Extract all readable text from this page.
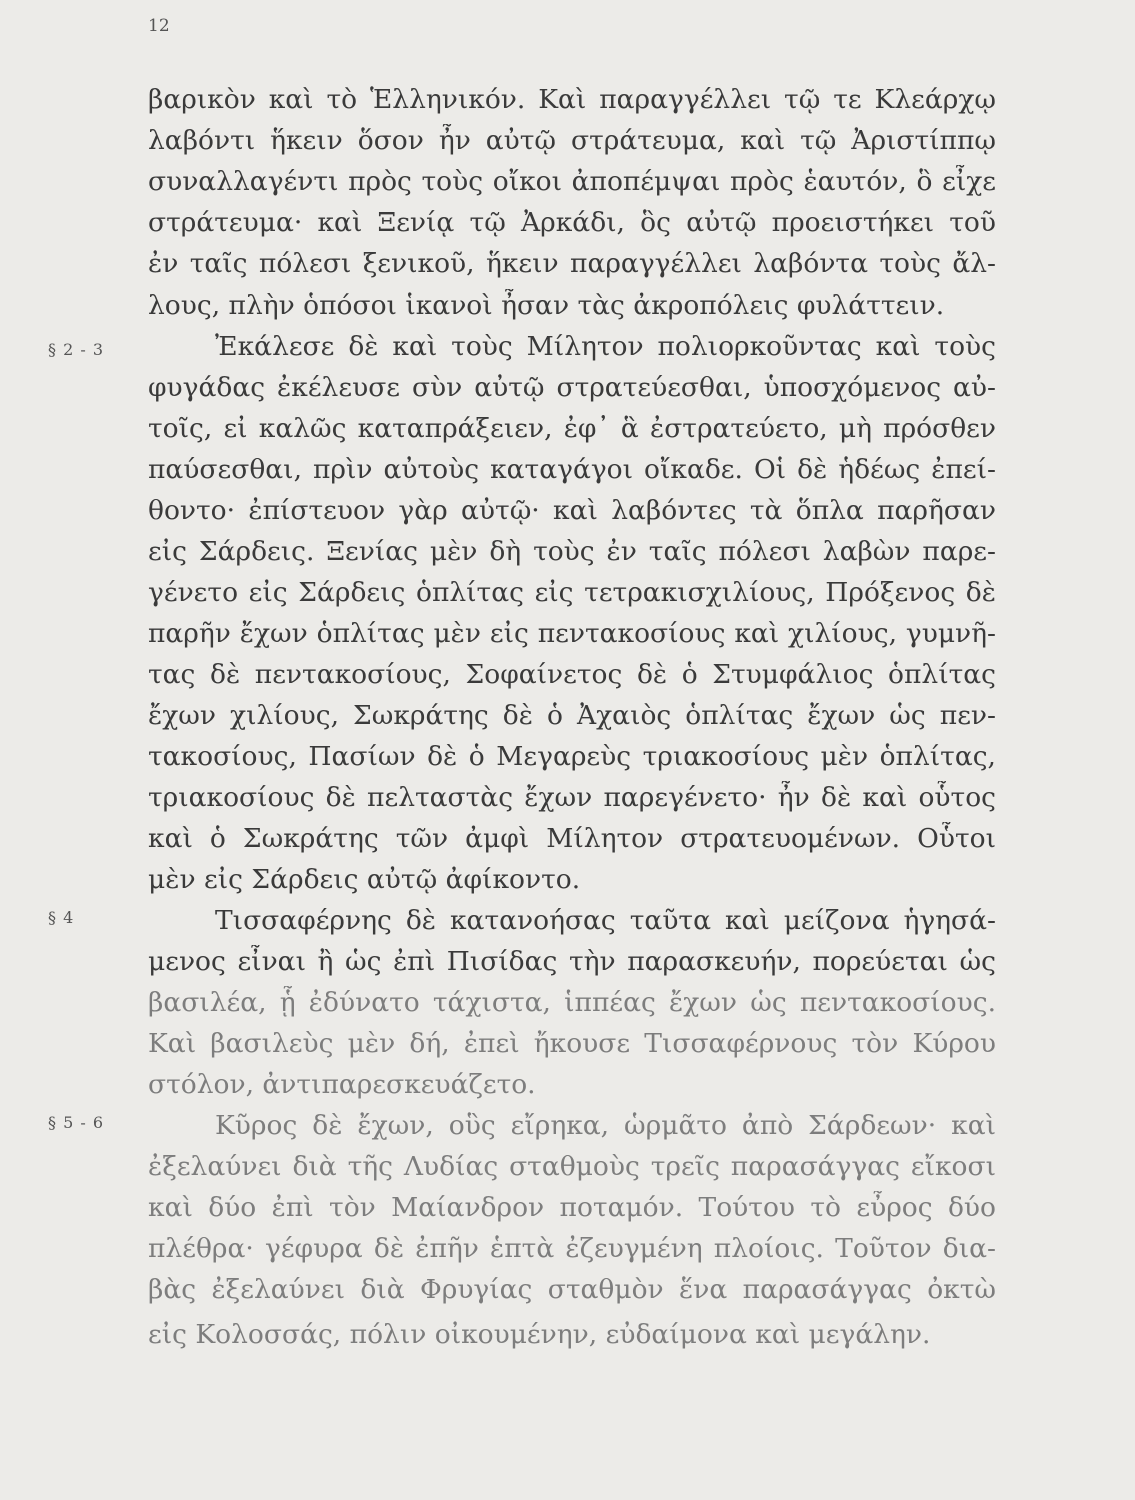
12
§ 2 - 3
§ 4
§ 5 - 6
βαρικὸν καὶ τὸ Ἑλληνικόν. Καὶ παραγγέλλει τῷ τε Κλεάρχῳ
λαβόντι ἥκειν ὅσον ἦν αὐτῷ στράτευμα, καὶ τῷ Ἀριστίππῳ
συναλλαγέντι πρὸς τοὺς οἴκοι ἀποπέμψαι πρὸς ἑαυτόν, ὃ εἶχε
στράτευμα· καὶ Ξενίᾳ τῷ Ἀρκάδι, ὃς αὐτῷ προειστήκει τοῦ
ἐν ταῖς πόλεσι ξενικοῦ, ἥκειν παραγγέλλει λαβόντα τοὺς ἄλ-
λους, πλὴν ὁπόσοι ἱκανοὶ ἦσαν τὰς ἀκροπόλεις φυλάττειν.
Ἐκάλεσε δὲ καὶ τοὺς Μίλητον πολιορκοῦντας καὶ τοὺς
φυγάδας ἐκέλευσε σὺν αὐτῷ στρατεύεσθαι, ὑποσχόμενος αὐ-
τοῖς, εἰ καλῶς καταπράξειεν, ἐφ᾽ ἃ ἐστρατεύετο, μὴ πρόσθεν
παύσεσθαι, πρὶν αὐτοὺς καταγάγοι οἴκαδε. Οἱ δὲ ἡδέως ἐπεί-
θοντο· ἐπίστευον γὰρ αὐτῷ· καὶ λαβόντες τὰ ὅπλα παρῆσαν
εἰς Σάρδεις. Ξενίας μὲν δὴ τοὺς ἐν ταῖς πόλεσι λαβὼν παρε-
γένετο εἰς Σάρδεις ὁπλίτας εἰς τετρακισχιλίους, Πρόξενος δὲ
παρῆν ἔχων ὁπλίτας μὲν εἰς πεντακοσίους καὶ χιλίους, γυμνῆ-
τας δὲ πεντακοσίους, Σοφαίνετος δὲ ὁ Στυμφάλιος ὁπλίτας
ἔχων χιλίους, Σωκράτης δὲ ὁ Ἀχαιὸς ὁπλίτας ἔχων ὡς πεν-
τακοσίους, Πασίων δὲ ὁ Μεγαρεὺς τριακοσίους μὲν ὁπλίτας,
τριακοσίους δὲ πελταστὰς ἔχων παρεγένετο· ἦν δὲ καὶ οὗτος
καὶ ὁ Σωκράτης τῶν ἀμφὶ Μίλητον στρατευομένων. Οὗτοι
μὲν εἰς Σάρδεις αὐτῷ ἀφίκοντο.
Τισσαφέρνης δὲ κατανοήσας ταῦτα καὶ μείζονα ἡγησά-
μενος εἶναι ἢ ὡς ἐπὶ Πισίδας τὴν παρασκευήν, πορεύεται ὡς
βασιλέα, ᾗ ἐδύνατο τάχιστα, ἱππέας ἔχων ὡς πεντακοσίους.
Καὶ βασιλεὺς μὲν δή, ἐπεὶ ἤκουσε Τισσαφέρνους τὸν Κύρου
στόλον, ἀντιπαρεσκευάζετο.
Κῦρος δὲ ἔχων, οὓς εἴρηκα, ὡρμᾶτο ἀπὸ Σάρδεων· καὶ
ἐξελαύνει διὰ τῆς Λυδίας σταθμοὺς τρεῖς παρασάγγας εἴκοσι
καὶ δύο ἐπὶ τὸν Μαίανδρον ποταμόν. Τούτου τὸ εὖρος δύο
πλέθρα· γέφυρα δὲ ἐπῆν ἑπτὰ ἐζευγμένη πλοίοις. Τοῦτον δια-
βὰς ἐξελαύνει διὰ Φρυγίας σταθμὸν ἕνα παρασάγγας ὀκτὼ
εἰς Κολοσσάς, πόλιν οἰκουμένην, εὐδαίμονα καὶ μεγάλην.
